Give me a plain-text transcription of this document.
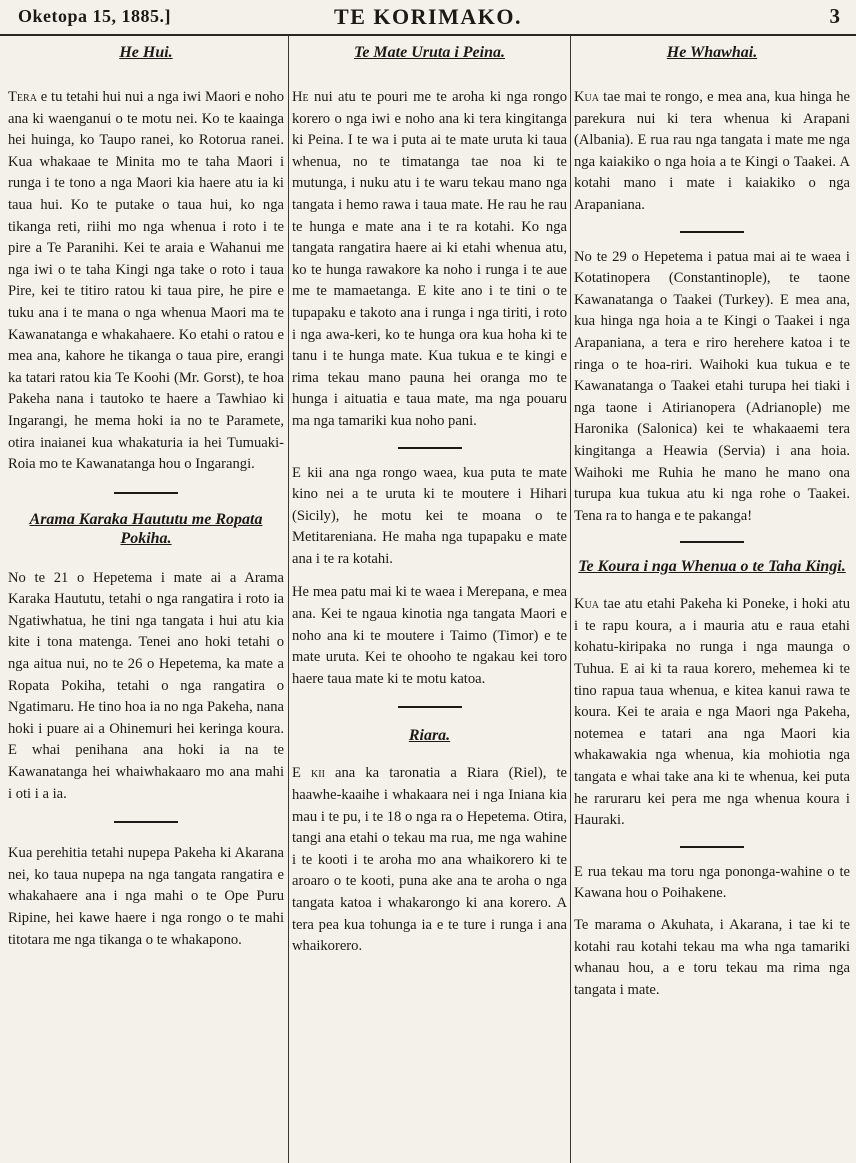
Oketopa 15, 1885.]	TE KORIMAKO.	3
He Hui.

Tera e tu tetahi hui nui a nga iwi Maori e noho ana ki waenganui o te motu nei. Ko te kaainga hei huinga, ko Taupo ranei, ko Rotorua ranei. Kua whakaae te Minita mo te taha Maori i runga i te tono a nga Maori kia haere atu ia ki taua hui. Ko te putake o taua hui, ko nga tikanga reti, riihi mo nga whenua i roto i te pire a Te Paranihi. Kei te araia e Wahanui me nga iwi o te taha Kingi nga take o roto i taua Pire, kei te titiro ratou ki taua pire, he pire e tuku ana i te mana o nga whenua Maori ma te Kawanatanga e whakahaere. Ko etahi o ratou e mea ana, kahore he tikanga o taua pire, erangi ka tatari ratou kia Te Koohi (Mr. Gorst), te hoa Pakeha nana i tautoko te haere a Tawhiao ki Ingarangi, he mema hoki ia no te Paramete, otira inaianei kua whakaturia ia hei Tumuaki-Roia mo te Kawanatanga hou o Ingarangi.

Arama Karaka Haututu me Ropata Pokiha.

No te 21 o Hepetema i mate ai a Arama Karaka Haututu, tetahi o nga rangatira i roto ia Ngatiwhatua, he tini nga tangata i hui atu kia kite i tona matenga. Tenei ano hoki tetahi o nga aitua nui, no te 26 o Hepetema, ka mate a Ropata Pokiha, tetahi o nga rangatira o Ngatimaru. He tino hoa ia no nga Pakeha, nana hoki i puare ai a Ohinemuri hei keringa koura. E whai penihana ana hoki ia na te Kawanatanga hei whaiwhakaaro mo ana mahi i oti i a ia.

Kua perehitia tetahi nupepa Pakeha ki Akarana nei, ko taua nupepa na nga tangata rangatira e whakahaere ana i nga mahi o te Ope Puru Ripine, hei kawe haere i nga rongo o te mahi titotara me nga tikanga o te whakapono.

Te Mate Uruta i Peina.

He nui atu te pouri me te aroha ki nga rongo korero o nga iwi e noho ana ki tera kingitanga ki Peina. I te wa i puta ai te mate uruta ki taua whenua, no te timatanga tae noa ki te mutunga, i nuku atu i te waru tekau mano nga tangata i hemo rawa i taua mate. He rau he rau te hunga e mate ana i te ra kotahi. Ko nga tangata rangatira haere ai ki etahi whenua atu, ko te hunga rawakore ka noho i runga i te aue me te mamaetanga. E kite ano i te tini o te tupapaku e takoto ana i runga i nga tiriti, i roto i nga awa-keri, ko te hunga ora kua hoha ki te tanu i te hunga mate. Kua tukua e te kingi e rima tekau mano pauna hei oranga mo te hunga i aituatia e taua mate, ma nga pouaru ma nga tamariki kua noho pani.

E kii ana nga rongo waea, kua puta te mate kino nei a te uruta ki te moutere i Hihari (Sicily), he motu kei te moana o te Metitareniana. He maha nga tupapaku e mate ana i te ra kotahi.

He mea patu mai ki te waea i Merepana, e mea ana. Kei te ngaua kinotia nga tangata Maori e noho ana ki te moutere i Taimo (Timor) e te mate uruta. Kei te ohooho te ngakau kei toro haere taua mate ki te motu katoa.

Riara.

E kii ana ka taronatia a Riara (Riel), te haawhe-kaaihe i whakaara nei i nga Iniana kia mau i te pu, i te 18 o nga ra o Hepetema. Otira, tangi ana etahi o tekau ma rua, me nga wahine i te kooti i te aroha mo ana whaikorero ki te aroaro o te kooti, puna ake ana te aroha o nga tangata katoa i whakarongo ki ana korero. A tera pea kua tohunga ia e te ture i runga i ana whaikorero.

He Whawhai.

Kua tae mai te rongo, e mea ana, kua hinga he parekura nui ki tera whenua ki Arapani (Albania). E rua rau nga tangata i mate me nga nga kaiakiko o nga hoia a te Kingi o Taakei. A kotahi mano i mate i kaiakiko o nga Arapaniana.

No te 29 o Hepetema i patua mai ai te waea i Kotatinopera (Constantinople), te taone Kawanatanga o Taakei (Turkey). E mea ana, kua hinga nga hoia a te Kingi o Taakei i nga Arapaniana, a tera e riro herehere katoa i te ringa o te hoa-riri. Waihoki kua tukua e te Kawanatanga o Taakei etahi turupa hei tiaki i nga taone i Atirianopera (Adrianople) me Haronika (Salonica) kei te whakaaemi tera kingitanga a Heawia (Servia) i ana hoia. Waihoki me Ruhia he mano he mano ona turupa kua tukua atu ki nga rohe o Taakei. Tena ra to hanga e te pakanga!

Te Koura i nga Whenua o te Taha Kingi.

Kua tae atu etahi Pakeha ki Poneke, i hoki atu i te rapu koura, a i mauria atu e raua etahi kohatu-kiripaka no runga i nga maunga o Tuhua. E ai ki ta raua korero, mehemea ki te tino rapua taua whenua, e kitea kanui rawa te koura. Kei te araia e nga Maori nga Pakeha, notemea e tatari ana nga Maori kia whakawakia nga whenua, kia mohiotia nga tangata e whai take ana ki te whenua, kei puta he raruraru kei pera me nga whenua koura i Hauraki.

E rua tekau ma toru nga pononga-wahine o te Kawana hou o Poihakene.

Te marama o Akuhata, i Akarana, i tae ki te kotahi rau kotahi tekau ma wha nga tamariki whanau hou, a e toru tekau ma rima nga tangata i mate.
